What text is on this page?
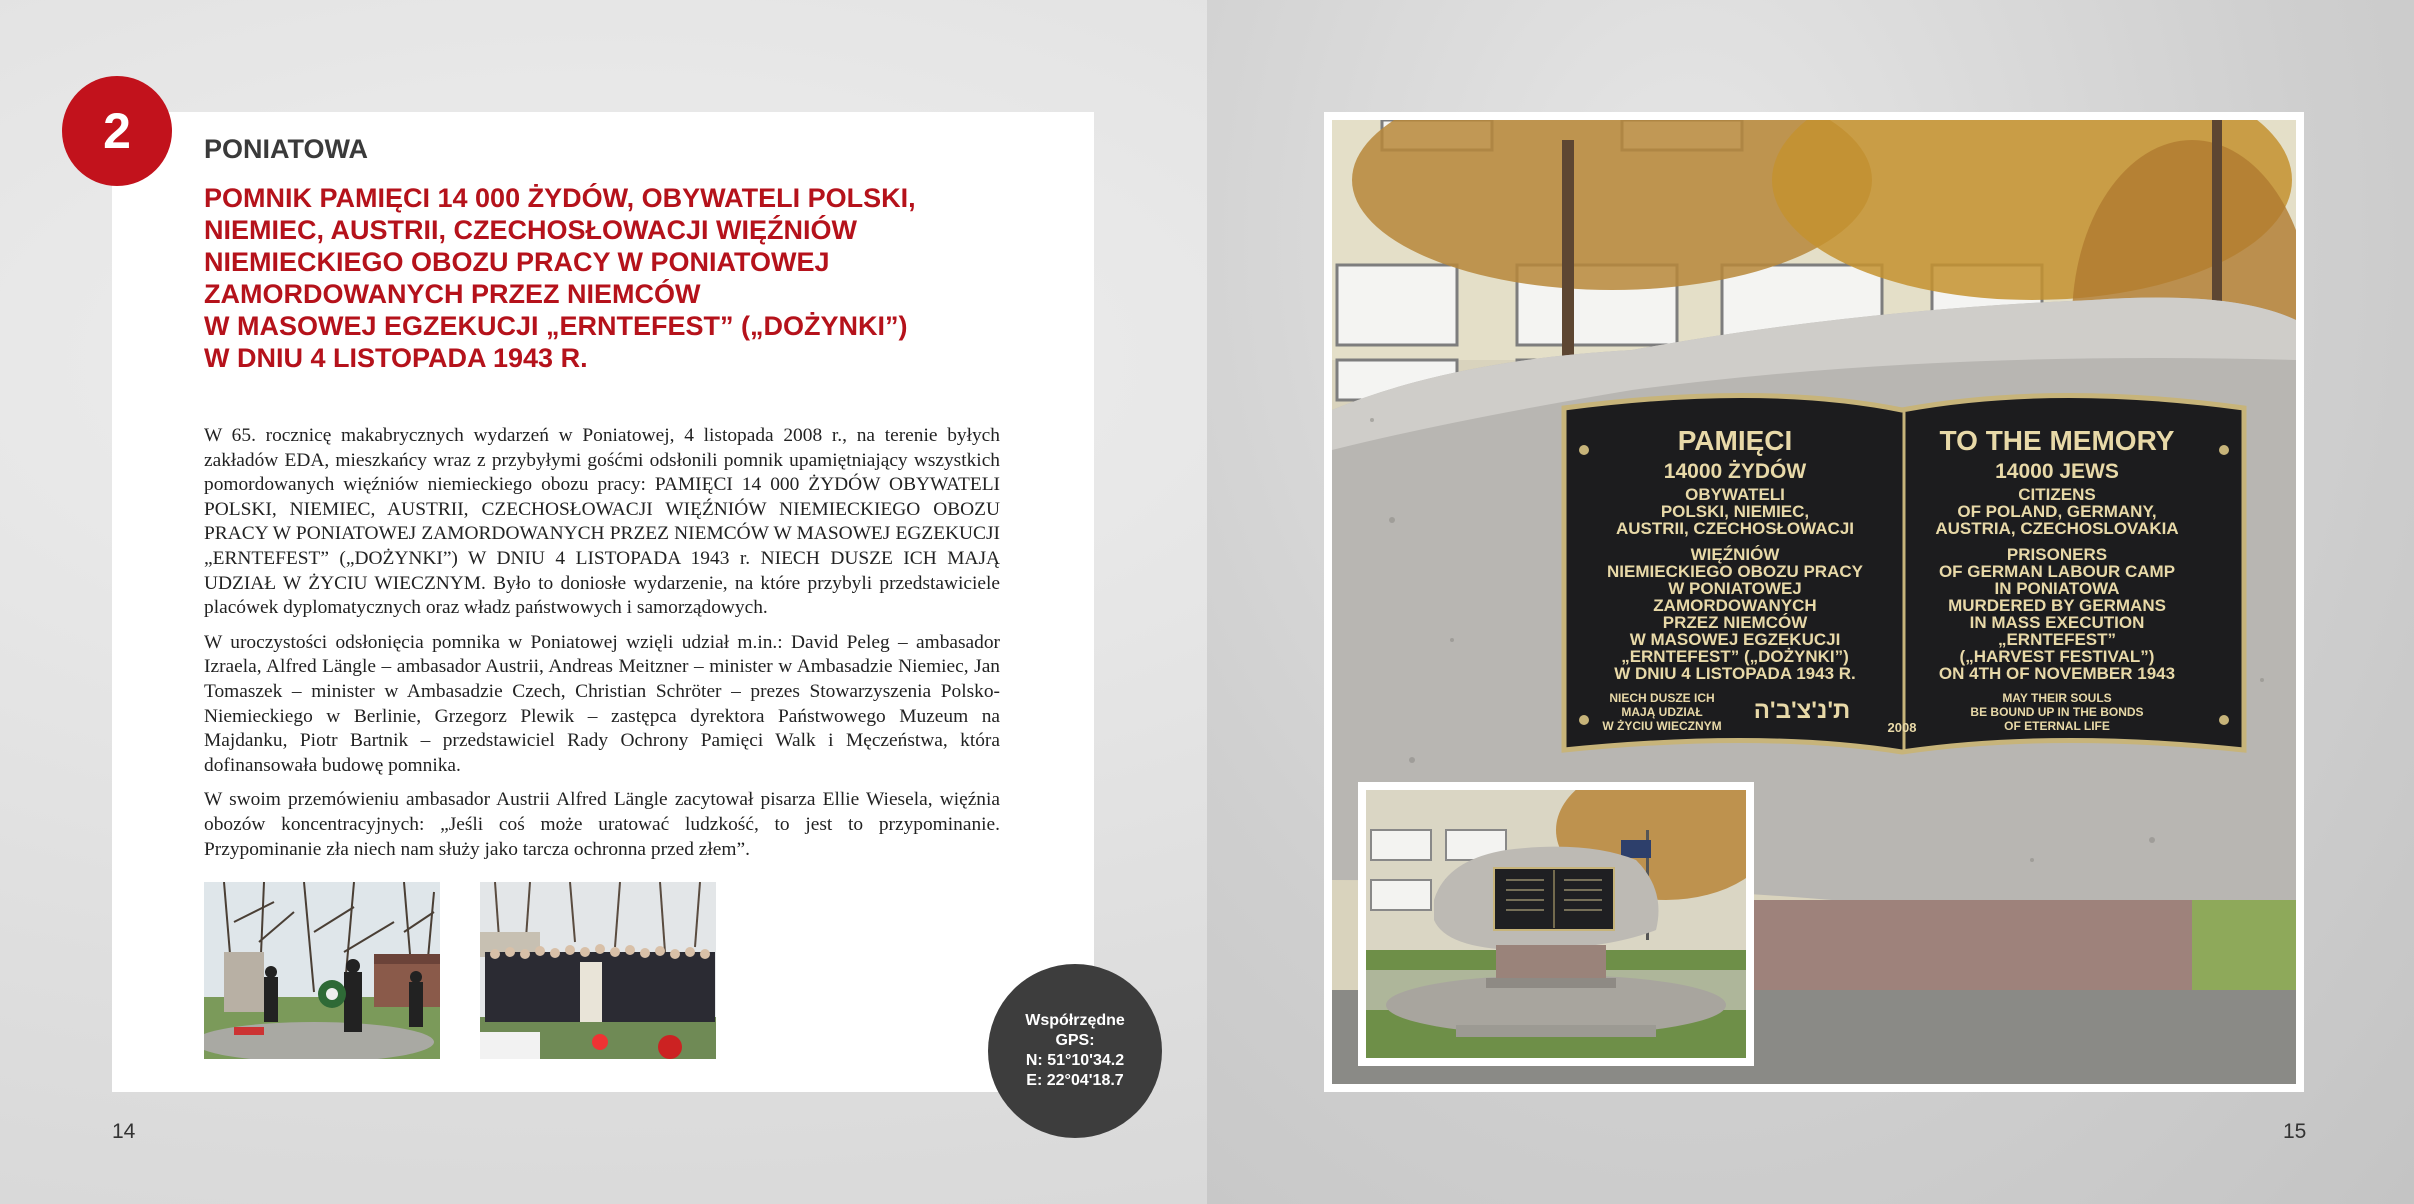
2	PONIATOWA
POMNIK PAMIĘCI 14 000 ŻYDÓW, OBYWATELI POLSKI,
NIEMIEC, AUSTRII, CZECHOSŁOWACJI WIĘŹNIÓW
NIEMIECKIEGO OBOZU PRACY W PONIATOWEJ
ZAMORDOWANYCH PRZEZ NIEMCÓW
W MASOWEJ EGZEKUCJI „ERNTEFEST” („DOŻYNKI”)
W DNIU 4 LISTOPADA 1943 R.

W 65. rocznicę makabrycznych wydarzeń w Poniatowej, 4 listopada 2008 r., na terenie byłych zakładów EDA, mieszkańcy wraz z przybyłymi gośćmi odsłonili pomnik upamiętniający wszystkich pomordowanych więźniów niemieckiego obozu pracy: PAMIĘCI 14 000 ŻYDÓW OBYWATELI POLSKI, NIEMIEC, AUSTRII, CZECHOSŁOWACJI WIĘŹNIÓW NIEMIECKIEGO OBOZU PRACY W PONIATOWEJ ZAMORDOWANYCH PRZEZ NIEMCÓW W MASOWEJ EGZEKUCJI „ERNTEFEST” („DOŻYNKI”) W DNIU 4 LISTOPADA 1943 r. NIECH DUSZE ICH MAJĄ UDZIAŁ W ŻYCIU WIECZNYM. Było to doniosłe wydarzenie, na które przybyli przedstawiciele placówek dyplomatycznych oraz władz państwowych i samorządowych.

W uroczystości odsłonięcia pomnika w Poniatowej wzięli udział m.in.: David Peleg – ambasador Izraela, Alfred Längle – ambasador Austrii, Andreas Meitzner – minister w Ambasadzie Niemiec, Jan Tomaszek – minister w Ambasadzie Czech, Christian Schröter – prezes Stowarzyszenia Polsko-Niemieckiego w Berlinie, Grzegorz Plewik – zastępca dyrektora Państwowego Muzeum na Majdanku, Piotr Bartnik – przedstawiciel Rady Ochrony Pamięci Walk i Męczeństwa, która dofinansowała budowę pomnika.

W swoim przemówieniu ambasador Austrii Alfred Längle zacytował pisarza Ellie Wiesela, więźnia obozów koncentracyjnych: „Jeśli coś może uratować ludzkość, to jest to przypominanie. Przypominanie zła niech nam służy jako tarcza ochronna przed złem”.

Współrzędne
GPS:
N: 51°10'34.2
E: 22°04'18.7
14
PAMIĘCI
14000 ŻYDÓW
OBYWATELI
POLSKI, NIEMIEC,
AUSTRII, CZECHOSŁOWACJI
WIĘŹNIÓW
NIEMIECKIEGO OBOZU PRACY
W PONIATOWEJ
ZAMORDOWANYCH
PRZEZ NIEMCÓW
W MASOWEJ EGZEKUCJI
„ERNTEFEST” („DOŻYNKI”)
W DNIU 4 LISTOPADA 1943 R.
NIECH DUSZE ICH
MAJĄ UDZIAŁ
W ŻYCIU WIECZNYM
ת'נ'צ'ב'ה
2008
TO THE MEMORY
14000 JEWS
CITIZENS
OF POLAND, GERMANY,
AUSTRIA, CZECHOSLOVAKIA
PRISONERS
OF GERMAN LABOUR CAMP
IN PONIATOWA
MURDERED BY GERMANS
IN MASS EXECUTION
„ERNTEFEST”
(„HARVEST FESTIVAL”)
ON 4TH OF NOVEMBER 1943
MAY THEIR SOULS
BE BOUND UP IN THE BONDS
OF ETERNAL LIFE
15
